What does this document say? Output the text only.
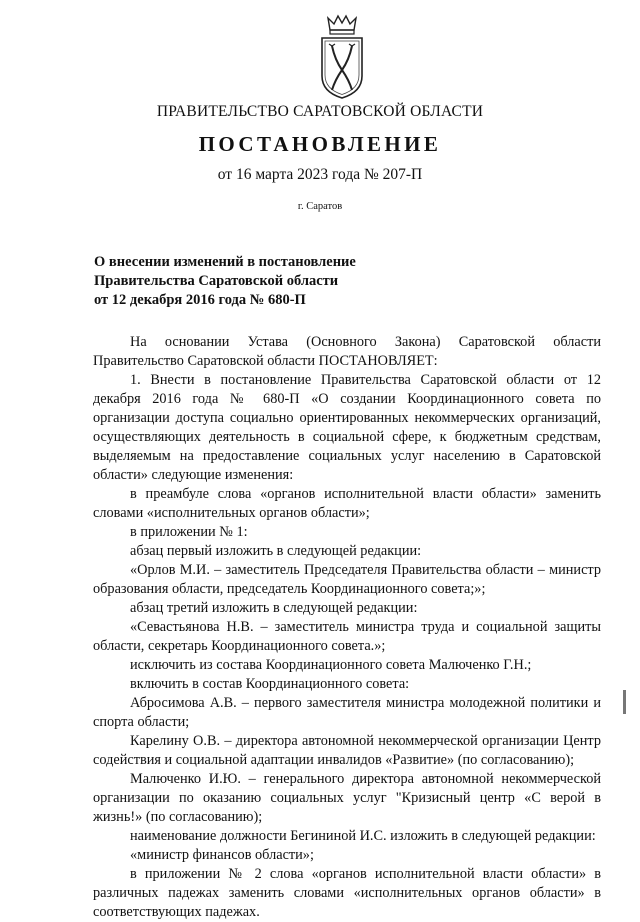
ПРАВИТЕЛЬСТВО САРАТОВСКОЙ ОБЛАСТИ
ПОСТАНОВЛЕНИЕ
от 16 марта 2023 года № 207-П
г. Саратов
О внесении изменений в постановление
Правительства Саратовской области
от 12 декабря 2016 года № 680-П

На основании Устава (Основного Закона) Саратовской области Правительство Саратовской области ПОСТАНОВЛЯЕТ:

1. Внести в постановление Правительства Саратовской области от 12 декабря 2016 года № 680-П «О создании Координационного совета по организации доступа социально ориентированных некоммерческих организаций, осуществляющих деятельность в социальной сфере, к бюджетным средствам, выделяемым на предоставление социальных услуг населению в Саратовской области» следующие изменения:

в преамбуле слова «органов исполнительной власти области» заменить словами «исполнительных органов области»;

в приложении № 1:

абзац первый изложить в следующей редакции:

«Орлов М.И. – заместитель Председателя Правительства области – министр образования области, председатель Координационного совета;»;

абзац третий изложить в следующей редакции:

«Севастьянова Н.В. – заместитель министра труда и социальной защиты области, секретарь Координационного совета.»;

исключить из состава Координационного совета Малюченко Г.Н.;

включить в состав Координационного совета:

Абросимова А.В. – первого заместителя министра молодежной политики и спорта области;

Карелину О.В. – директора автономной некоммерческой организации Центр содействия и социальной адаптации инвалидов «Развитие» (по согласованию);

Малюченко И.Ю. – генерального директора автономной некоммерческой организации по оказанию социальных услуг "Кризисный центр «С верой в жизнь!» (по согласованию);

наименование должности Бегининой И.С. изложить в следующей редакции:

«министр финансов области»;

в приложении № 2 слова «органов исполнительной власти области» в различных падежах заменить словами «исполнительных органов области» в соответствующих падежах.
